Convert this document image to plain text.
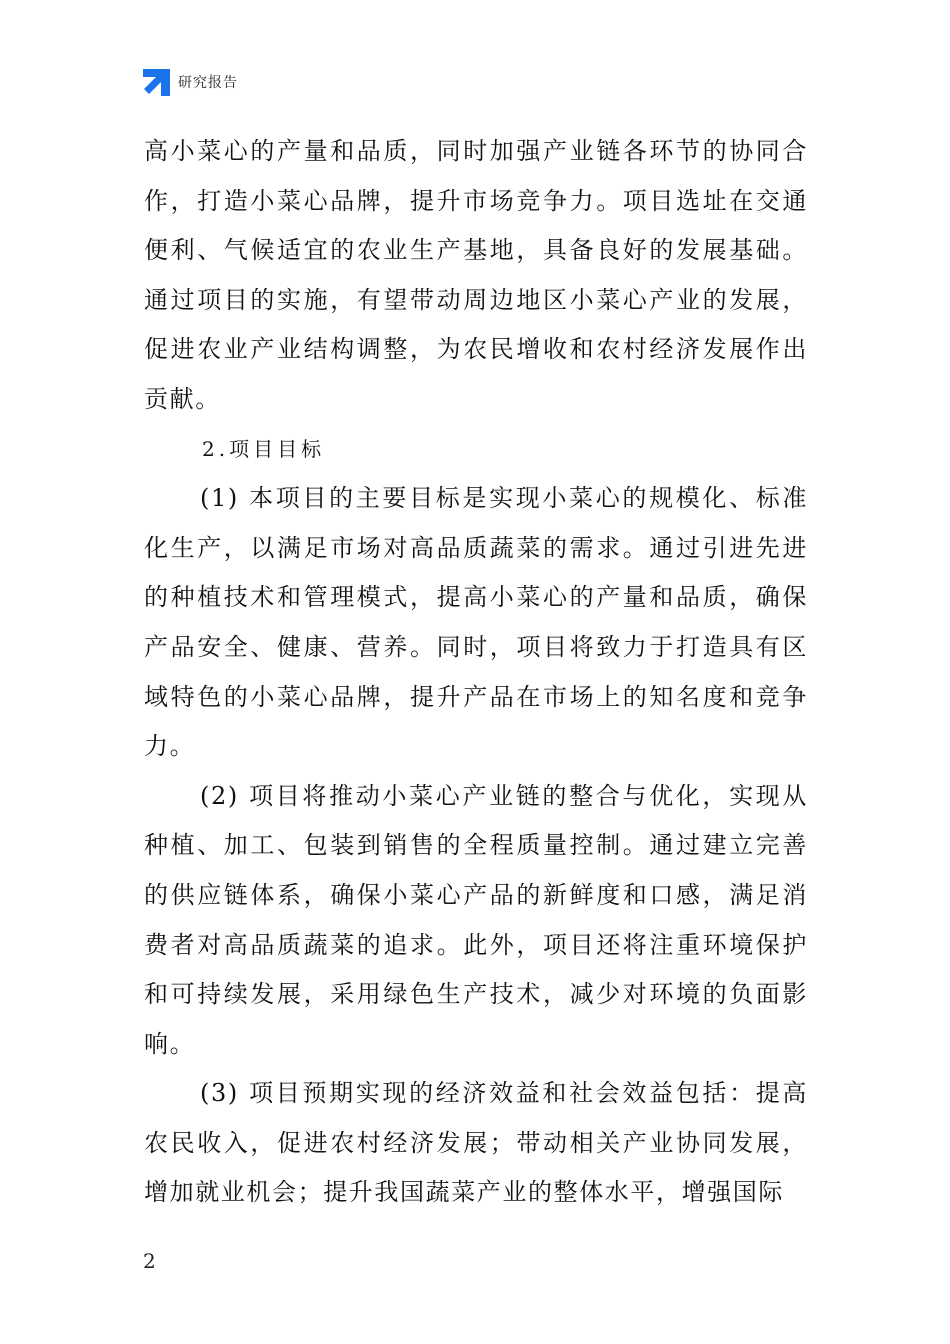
研究报告

高小菜心的产量和品质，同时加强产业链各环节的协同合作，打造小菜心品牌，提升市场竞争力。项目选址在交通便利、气候适宜的农业生产基地，具备良好的发展基础。通过项目的实施，有望带动周边地区小菜心产业的发展，促进农业产业结构调整，为农民增收和农村经济发展作出贡献。

2.项目目标

(1) 本项目的主要目标是实现小菜心的规模化、标准化生产，以满足市场对高品质蔬菜的需求。通过引进先进的种植技术和管理模式，提高小菜心的产量和品质，确保产品安全、健康、营养。同时，项目将致力于打造具有区域特色的小菜心品牌，提升产品在市场上的知名度和竞争力。

(2) 项目将推动小菜心产业链的整合与优化，实现从种植、加工、包装到销售的全程质量控制。通过建立完善的供应链体系，确保小菜心产品的新鲜度和口感，满足消费者对高品质蔬菜的追求。此外，项目还将注重环境保护和可持续发展，采用绿色生产技术，减少对环境的负面影响。

(3) 项目预期实现的经济效益和社会效益包括：提高农民收入，促进农村经济发展；带动相关产业协同发展，增加就业机会；提升我国蔬菜产业的整体水平，增强国际

2
